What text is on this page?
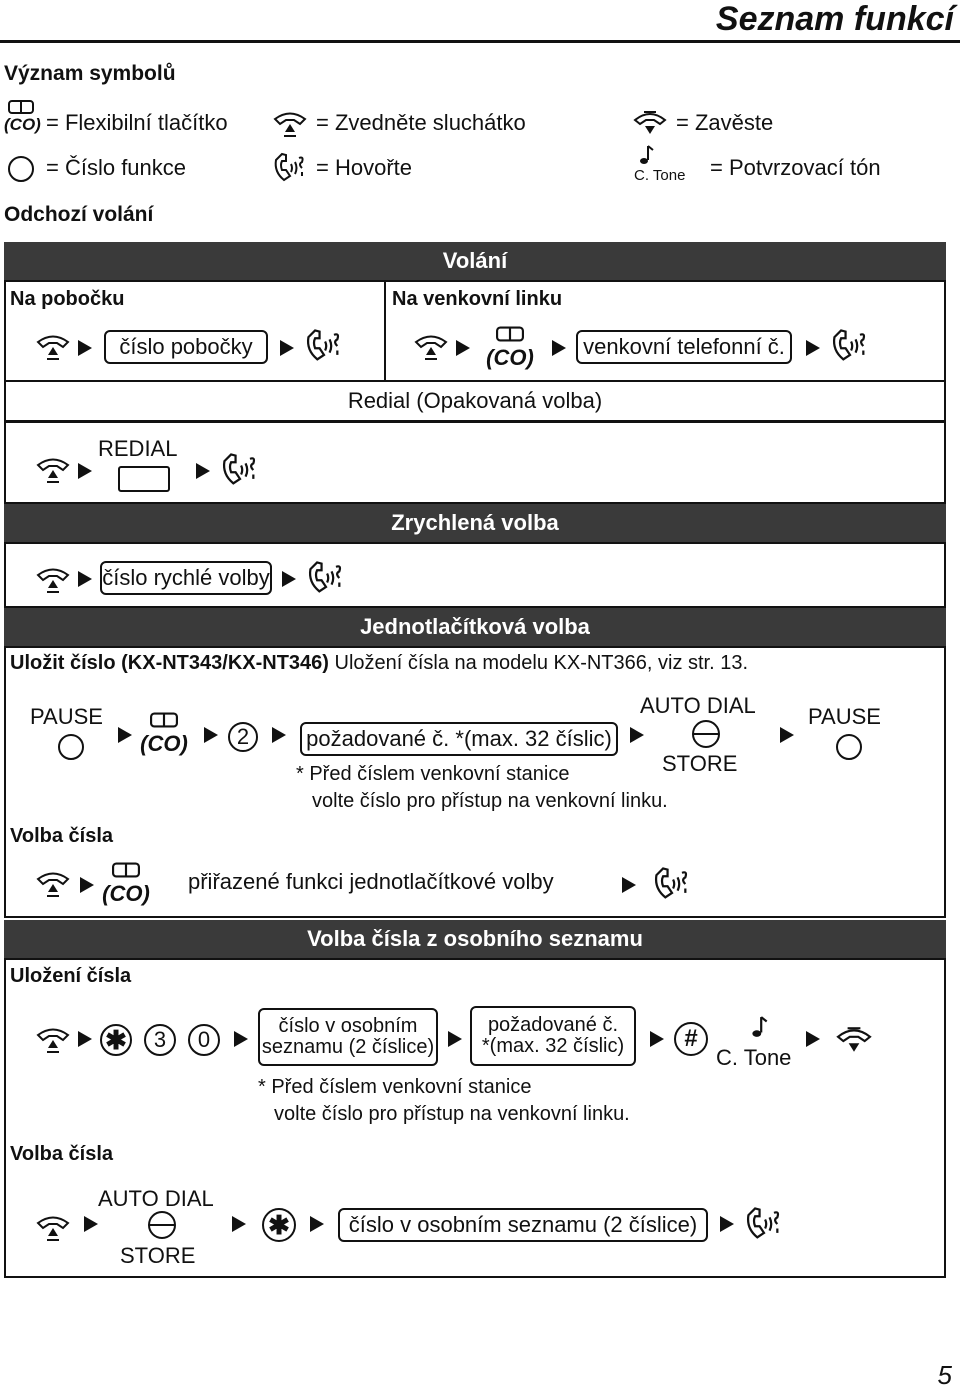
Seznam funkcí
Význam symbolů
(CO) = Flexibilní tlačítko	= Zvedněte sluchátko	= Zavěste
= Číslo funkce	= Hovořte	C. Tone = Potvrzovací tón
Odchozí volání
Volání
Na pobočku	Na venkovní linku
číslo pobočky	(CO)	venkovní telefonní č.
Redial (Opakovaná volba)
REDIAL
Zrychlená volba
číslo rychlé volby
Jednotlačítková volba
Uložit číslo (KX-NT343/KX-NT346) Uložení čísla na modelu KX-NT366, viz str. 13.
PAUSE
(CO)	2	požadované č. *(max. 32 číslic)
AUTO DIAL
STORE
PAUSE
* Před číslem venkovní stanice
volte číslo pro přístup na venkovní linku.
Volba čísla
(CO) přiřazené funkci jednotlačítkové volby
Volba čísla z osobního seznamu
Uložení čísla
✱	3	0
číslo v osobním
seznamu (2 číslice)
požadované č.
*(max. 32 číslic)	#
C. Tone
* Před číslem venkovní stanice
volte číslo pro přístup na venkovní linku.
Volba čísla
AUTO DIAL
STORE
✱	číslo v osobním seznamu (2 číslice)
5
